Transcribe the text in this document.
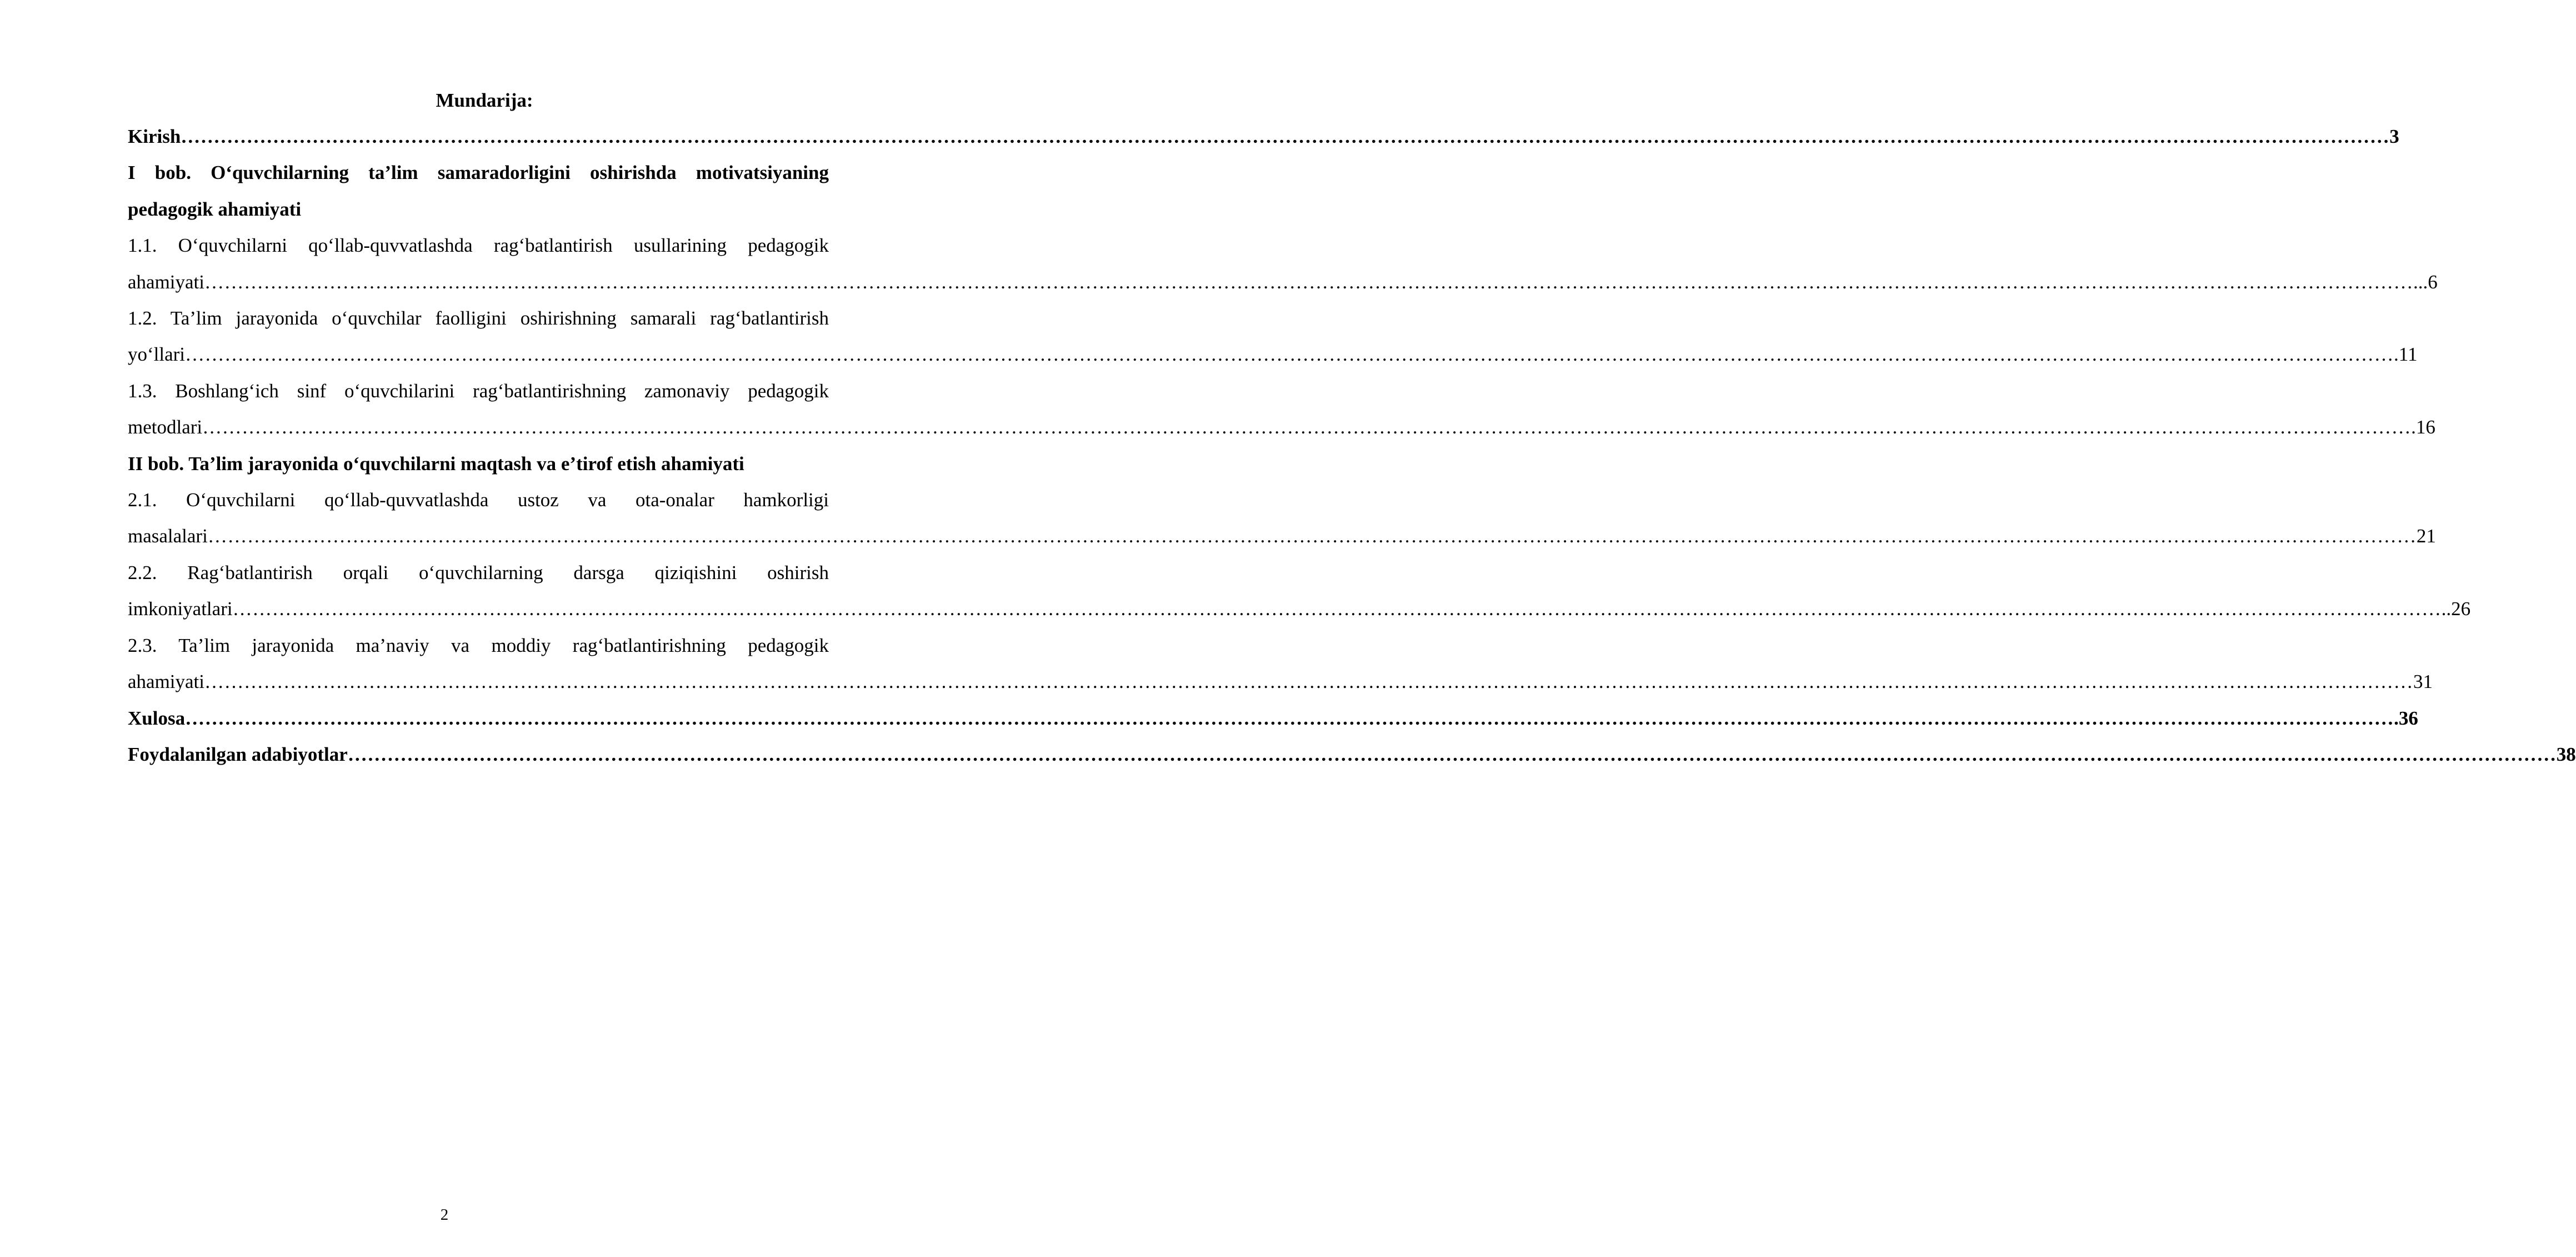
Mundarija:
Kirish ………………………………………………………………………………………………………………………………………………………………………………………………………………………………………………………………………………………………………… 3
I bob. O‘quvchilarning ta’lim samaradorligini oshirishda motivatsiyaning
pedagogik ahamiyati
1.1. O‘quvchilarni qo‘llab-quvvatlashda rag‘batlantirish usullarining pedagogik
ahamiyati ………………………………………………………………………………………………………………………………………………………………………………………………………………………………………………………………………………………………………… ...6
1.2. Ta’lim jarayonida o‘quvchilar faolligini oshirishning samarali rag‘batlantirish
yo‘llari ………………………………………………………………………………………………………………………………………………………………………………………………………………………………………………………………………………………………………… .11
1.3. Boshlang‘ich sinf o‘quvchilarini rag‘batlantirishning zamonaviy pedagogik
metodlari ………………………………………………………………………………………………………………………………………………………………………………………………………………………………………………………………………………………………………… .16
II bob. Ta’lim jarayonida o‘quvchilarni maqtash va e’tirof etish ahamiyati
2.1. O‘quvchilarni qo‘llab-quvvatlashda ustoz va ota-onalar hamkorligi
masalalari ………………………………………………………………………………………………………………………………………………………………………………………………………………………………………………………………………………………………………… 21
2.2. Rag‘batlantirish orqali o‘quvchilarning darsga qiziqishini oshirish
imkoniyatlari ………………………………………………………………………………………………………………………………………………………………………………………………………………………………………………………………………………………………………… ..26
2.3. Ta’lim jarayonida ma’naviy va moddiy rag‘batlantirishning pedagogik
ahamiyati ………………………………………………………………………………………………………………………………………………………………………………………………………………………………………………………………………………………………………… 31
Xulosa ………………………………………………………………………………………………………………………………………………………………………………………………………………………………………………………………………………………………………… .36
Foydalanilgan adabiyotlar ………………………………………………………………………………………………………………………………………………………………………………………………………………………………………………………………………………………………………… 38
2
